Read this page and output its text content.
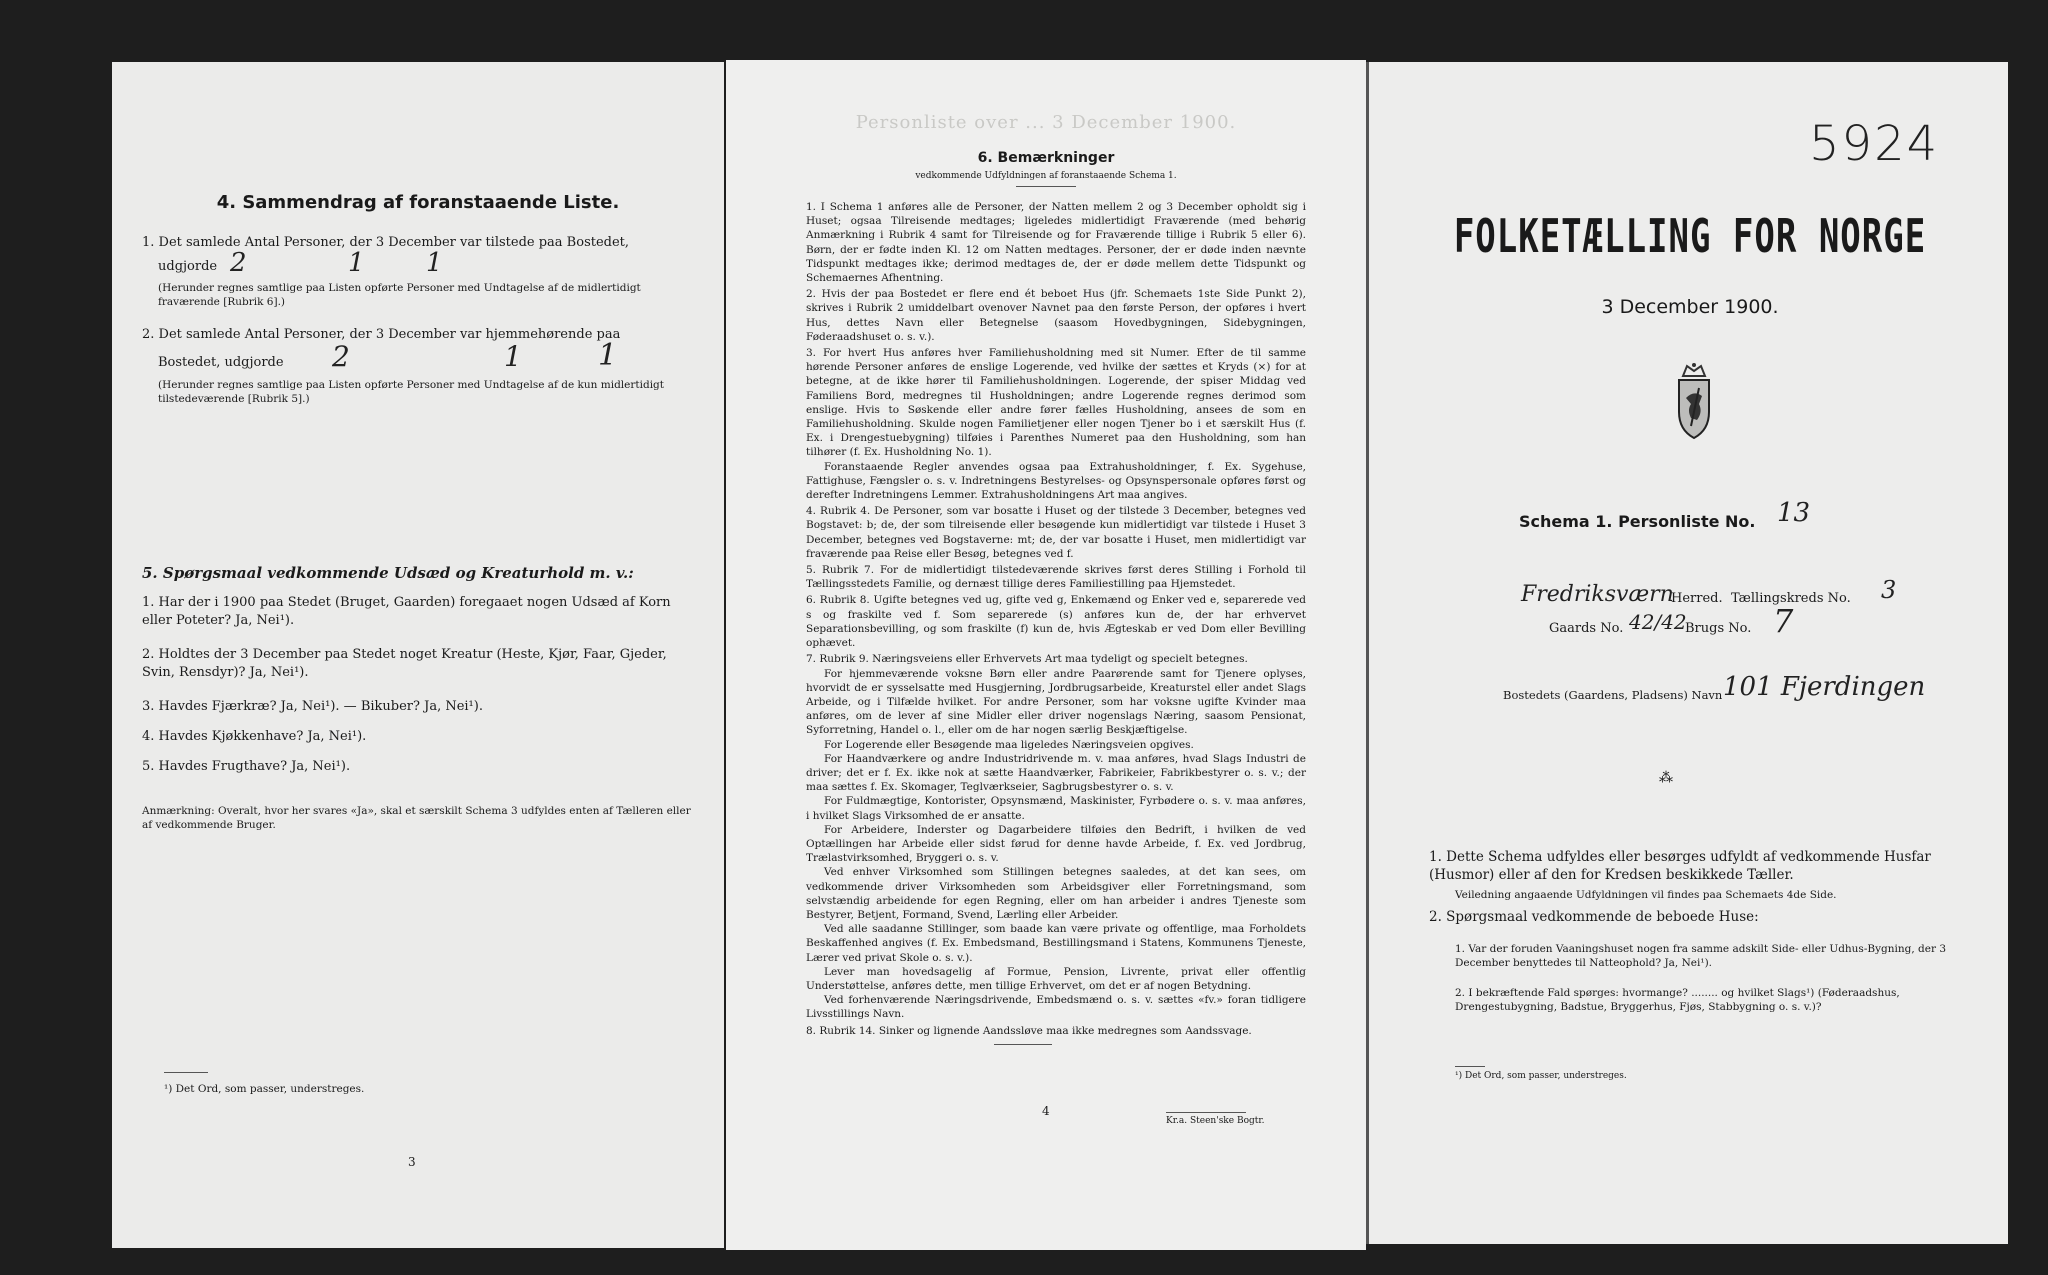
4. Sammendrag af foranstaaende Liste.
1. Det samlede Antal Personer, der 3 December var tilstede paa Bostedet,
udgjorde 2	1 1
(Herunder regnes samtlige paa Listen opførte Personer med Undtagelse af de midlertidigt fraværende [Rubrik 6].)
2. Det samlede Antal Personer, der 3 December var hjemmehørende paa
Bostedet, udgjorde 2	1	1
(Herunder regnes samtlige paa Listen opførte Personer med Undtagelse af de kun midlertidigt tilstedeværende [Rubrik 5].)
5. Spørgsmaal vedkommende Udsæd og Kreaturhold m. v.:
1. Har der i 1900 paa Stedet (Bruget, Gaarden) foregaaet nogen Udsæd af Korn eller Poteter? Ja, Nei¹).
2. Holdtes der 3 December paa Stedet noget Kreatur (Heste, Kjør, Faar, Gjeder, Svin, Rensdyr)? Ja, Nei¹).
3. Havdes Fjærkræ? Ja, Nei¹). — Bikuber? Ja, Nei¹).
4. Havdes Kjøkkenhave? Ja, Nei¹).
5. Havdes Frugthave? Ja, Nei¹).
Anmærkning: Overalt, hvor her svares «Ja», skal et særskilt Schema 3 udfyldes enten af Tælleren eller af vedkommende Bruger.
¹) Det Ord, som passer, understreges.
3
Personliste over ... 3 December 1900.
6. Bemærkninger
vedkommende Udfyldningen af foranstaaende Schema 1.
1. I Schema 1 anføres alle de Personer, der Natten mellem 2 og 3 December opholdt sig i Huset; ogsaa Tilreisende medtages; ligeledes midlertidigt Fraværende (med behørig Anmærkning i Rubrik 4 samt for Tilreisende og for Fraværende tillige i Rubrik 5 eller 6). Børn, der er fødte inden Kl. 12 om Natten medtages. Personer, der er døde inden nævnte Tidspunkt medtages ikke; derimod medtages de, der er døde mellem dette Tidspunkt og Schemaernes Afhentning.
2. Hvis der paa Bostedet er flere end ét beboet Hus (jfr. Schemaets 1ste Side Punkt 2), skrives i Rubrik 2 umiddelbart ovenover Navnet paa den første Person, der opføres i hvert Hus, dettes Navn eller Betegnelse (saasom Hovedbygningen, Sidebygningen, Føderaadshuset o. s. v.).
3. For hvert Hus anføres hver Familiehusholdning med sit Numer. Efter de til samme hørende Personer anføres de enslige Logerende, ved hvilke der sættes et Kryds (×) for at betegne, at de ikke hører til Familiehusholdningen. Logerende, der spiser Middag ved Familiens Bord, medregnes til Husholdningen; andre Logerende regnes derimod som enslige. Hvis to Søskende eller andre fører fælles Husholdning, ansees de som en Familiehusholdning. Skulde nogen Familietjener eller nogen Tjener bo i et særskilt Hus (f. Ex. i Drengestuebygning) tilføies i Parenthes Numeret paa den Husholdning, som han tilhører (f. Ex. Husholdning No. 1).
Foranstaaende Regler anvendes ogsaa paa Extrahusholdninger, f. Ex. Sygehuse, Fattighuse, Fængsler o. s. v. Indretningens Bestyrelses- og Opsynspersonale opføres først og derefter Indretningens Lemmer. Extrahusholdningens Art maa angives.
4. Rubrik 4. De Personer, som var bosatte i Huset og der tilstede 3 December, betegnes ved Bogstavet: b; de, der som tilreisende eller besøgende kun midlertidigt var tilstede i Huset 3 December, betegnes ved Bogstaverne: mt; de, der var bosatte i Huset, men midlertidigt var fraværende paa Reise eller Besøg, betegnes ved f.
5. Rubrik 7. For de midlertidigt tilstedeværende skrives først deres Stilling i Forhold til Tællingsstedets Familie, og dernæst tillige deres Familiestilling paa Hjemstedet.
6. Rubrik 8. Ugifte betegnes ved ug, gifte ved g, Enkemænd og Enker ved e, separerede ved s og fraskilte ved f. Som separerede (s) anføres kun de, der har erhvervet Separationsbevilling, og som fraskilte (f) kun de, hvis Ægteskab er ved Dom eller Bevilling ophævet.
7. Rubrik 9. Næringsveiens eller Erhvervets Art maa tydeligt og specielt betegnes.
For hjemmeværende voksne Børn eller andre Paarørende samt for Tjenere oplyses, hvorvidt de er sysselsatte med Husgjerning, Jordbrugsarbeide, Kreaturstel eller andet Slags Arbeide, og i Tilfælde hvilket. For andre Personer, som har voksne ugifte Kvinder maa anføres, om de lever af sine Midler eller driver nogenslags Næring, saasom Pensionat, Syforretning, Handel o. l., eller om de har nogen særlig Beskjæftigelse.
For Logerende eller Besøgende maa ligeledes Næringsveien opgives.
For Haandværkere og andre Industridrivende m. v. maa anføres, hvad Slags Industri de driver; det er f. Ex. ikke nok at sætte Haandværker, Fabrikeier, Fabrikbestyrer o. s. v.; der maa sættes f. Ex. Skomager, Teglværkseier, Sagbrugsbestyrer o. s. v.
For Fuldmægtige, Kontorister, Opsynsmænd, Maskinister, Fyrbødere o. s. v. maa anføres, i hvilket Slags Virksomhed de er ansatte.
For Arbeidere, Inderster og Dagarbeidere tilføies den Bedrift, i hvilken de ved Optællingen har Arbeide eller sidst førud for denne havde Arbeide, f. Ex. ved Jordbrug, Trælastvirksomhed, Bryggeri o. s. v.
Ved enhver Virksomhed som Stillingen betegnes saaledes, at det kan sees, om vedkommende driver Virksomheden som Arbeidsgiver eller Forretningsmand, som selvstændig arbeidende for egen Regning, eller om han arbeider i andres Tjeneste som Bestyrer, Betjent, Formand, Svend, Lærling eller Arbeider.
Ved alle saadanne Stillinger, som baade kan være private og offentlige, maa Forholdets Beskaffenhed angives (f. Ex. Embedsmand, Bestillingsmand i Statens, Kommunens Tjeneste, Lærer ved privat Skole o. s. v.).
Lever man hovedsagelig af Formue, Pension, Livrente, privat eller offentlig Understøttelse, anføres dette, men tillige Erhvervet, om det er af nogen Betydning.
Ved forhenværende Næringsdrivende, Embedsmænd o. s. v. sættes «fv.» foran tidligere Livsstillings Navn.
8. Rubrik 14. Sinker og lignende Aandssløve maa ikke medregnes som Aandssvage.
4
Kr.a. Steen'ske Bogtr.
5924
FOLKETÆLLING FOR NORGE
3 December 1900.
Schema 1. Personliste No. 13
Fredriksværn
Herred. Tællingskreds No. 3
Gaards No. 42/42
Brugs No. 7
Bostedets (Gaardens, Pladsens) Navn 101 Fjerdingen
⁂
1. Dette Schema udfyldes eller besørges udfyldt af vedkommende Husfar (Husmor) eller af den for Kredsen beskikkede Tæller.
Veiledning angaaende Udfyldningen vil findes paa Schemaets 4de Side.
2. Spørgsmaal vedkommende de beboede Huse:
1. Var der foruden Vaaningshuset nogen fra samme adskilt Side- eller Udhus-Bygning, der 3 December benyttedes til Natteophold? Ja, Nei¹).
2. I bekræftende Fald spørges: hvormange? ........ og hvilket Slags¹) (Føderaadshus, Drengestubygning, Badstue, Bryggerhus, Fjøs, Stabbygning o. s. v.)?
¹) Det Ord, som passer, understreges.
